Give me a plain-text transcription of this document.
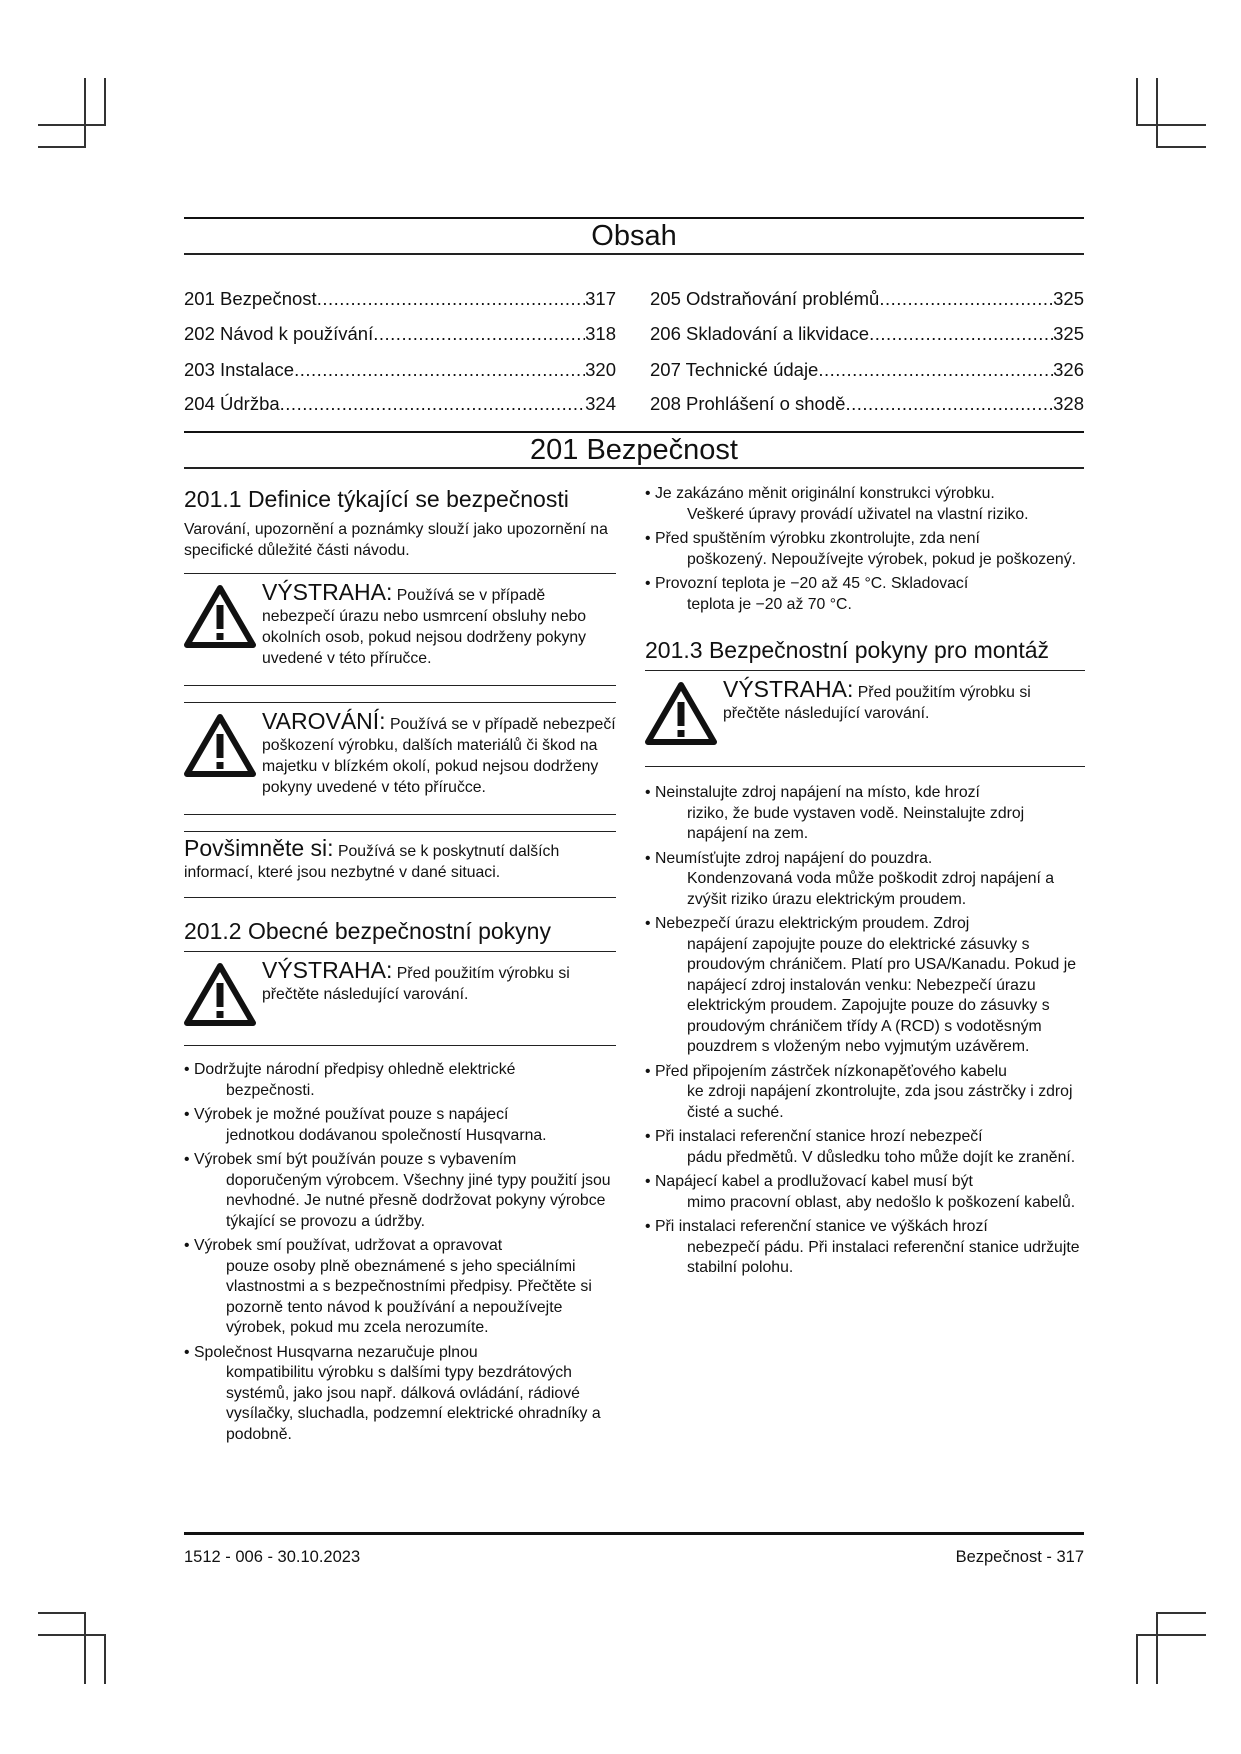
Obsah
201 Bezpečnost .....	317
202 Návod k používání .....	318
203 Instalace .....	320
204 Údržba .....	324
205 Odstraňování problémů .....	325
206 Skladování a likvidace .....	325
207 Technické údaje .....	326
208 Prohlášení o shodě .....	328
201 Bezpečnost
201.1 Definice týkající se bezpečnosti

Varování, upozornění a poznámky slouží jako upozornění na specifické důležité části návodu.

VÝSTRAHA: Používá se v případě nebezpečí úrazu nebo usmrcení obsluhy nebo okolních osob, pokud nejsou dodrženy pokyny uvedené v této příručce.
VAROVÁNÍ: Používá se v případě nebezpečí poškození výrobku, dalších materiálů či škod na majetku v blízkém okolí, pokud nejsou dodrženy pokyny uvedené v této příručce.
Povšimněte si: Používá se k poskytnutí dalších informací, které jsou nezbytné v dané situaci.
201.2 Obecné bezpečnostní pokyny
VÝSTRAHA: Před použitím výrobku si přečtěte následující varování.
• Dodržujte národní předpisy ohledně elektrické
bezpečnosti.
• Výrobek je možné používat pouze s napájecí
jednotkou dodávanou společností Husqvarna.
• Výrobek smí být používán pouze s vybavením
doporučeným výrobcem. Všechny jiné typy použití jsou nevhodné. Je nutné přesně dodržovat pokyny výrobce týkající se provozu a údržby.
• Výrobek smí používat, udržovat a opravovat
pouze osoby plně obeznámené s jeho speciálními vlastnostmi a s bezpečnostními předpisy. Přečtěte si pozorně tento návod k používání a nepoužívejte výrobek, pokud mu zcela nerozumíte.
• Společnost Husqvarna nezaručuje plnou
kompatibilitu výrobku s dalšími typy bezdrátových systémů, jako jsou např. dálková ovládání, rádiové vysílačky, sluchadla, podzemní elektrické ohradníky a podobně.
• Je zakázáno měnit originální konstrukci výrobku.
Veškeré úpravy provádí uživatel na vlastní riziko.
• Před spuštěním výrobku zkontrolujte, zda není
poškozený. Nepoužívejte výrobek, pokud je poškozený.
• Provozní teplota je −20 až 45 °C. Skladovací
teplota je −20 až 70 °C.
201.3 Bezpečnostní pokyny pro montáž
VÝSTRAHA: Před použitím výrobku si přečtěte následující varování.
• Neinstalujte zdroj napájení na místo, kde hrozí
riziko, že bude vystaven vodě. Neinstalujte zdroj napájení na zem.
• Neumísťujte zdroj napájení do pouzdra.
Kondenzovaná voda může poškodit zdroj napájení a zvýšit riziko úrazu elektrickým proudem.
• Nebezpečí úrazu elektrickým proudem. Zdroj
napájení zapojujte pouze do elektrické zásuvky s proudovým chráničem. Platí pro USA/Kanadu. Pokud je napájecí zdroj instalován venku: Nebezpečí úrazu elektrickým proudem. Zapojujte pouze do zásuvky s proudovým chráničem třídy A (RCD) s vodotěsným pouzdrem s vloženým nebo vyjmutým uzávěrem.
• Před připojením zástrček nízkonapěťového kabelu
ke zdroji napájení zkontrolujte, zda jsou zástrčky i zdroj čisté a suché.
• Při instalaci referenční stanice hrozí nebezpečí
pádu předmětů. V důsledku toho může dojít ke zranění.
• Napájecí kabel a prodlužovací kabel musí být
mimo pracovní oblast, aby nedošlo k poškození kabelů.
• Při instalaci referenční stanice ve výškách hrozí
nebezpečí pádu. Při instalaci referenční stanice udržujte stabilní polohu.
1512 - 006 - 30.10.2023	Bezpečnost - 317
